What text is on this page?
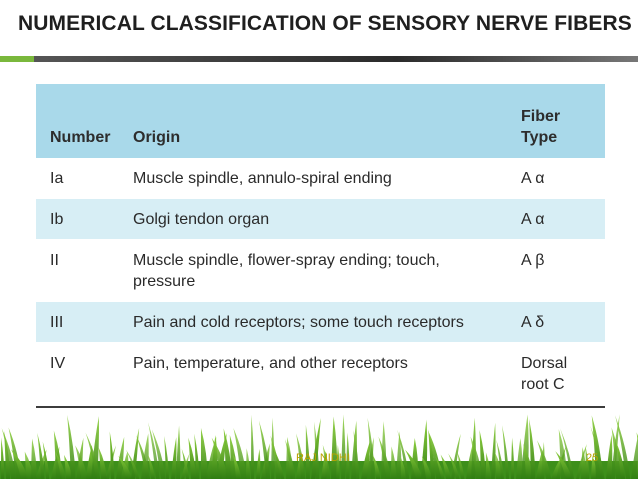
NUMERICAL CLASSIFICATION OF SENSORY NERVE FIBERS
Number	Origin	Fiber
Type
Ia	Muscle spindle, annulo-spiral ending	A α
Ib	Golgi tendon organ	A α
II	Muscle spindle, flower-spray ending; touch, pressure	A β
III	Pain and cold receptors; some touch receptors	A δ
IV	Pain, temperature, and other receptors	Dorsal root C
RAJ NIDHI	25
